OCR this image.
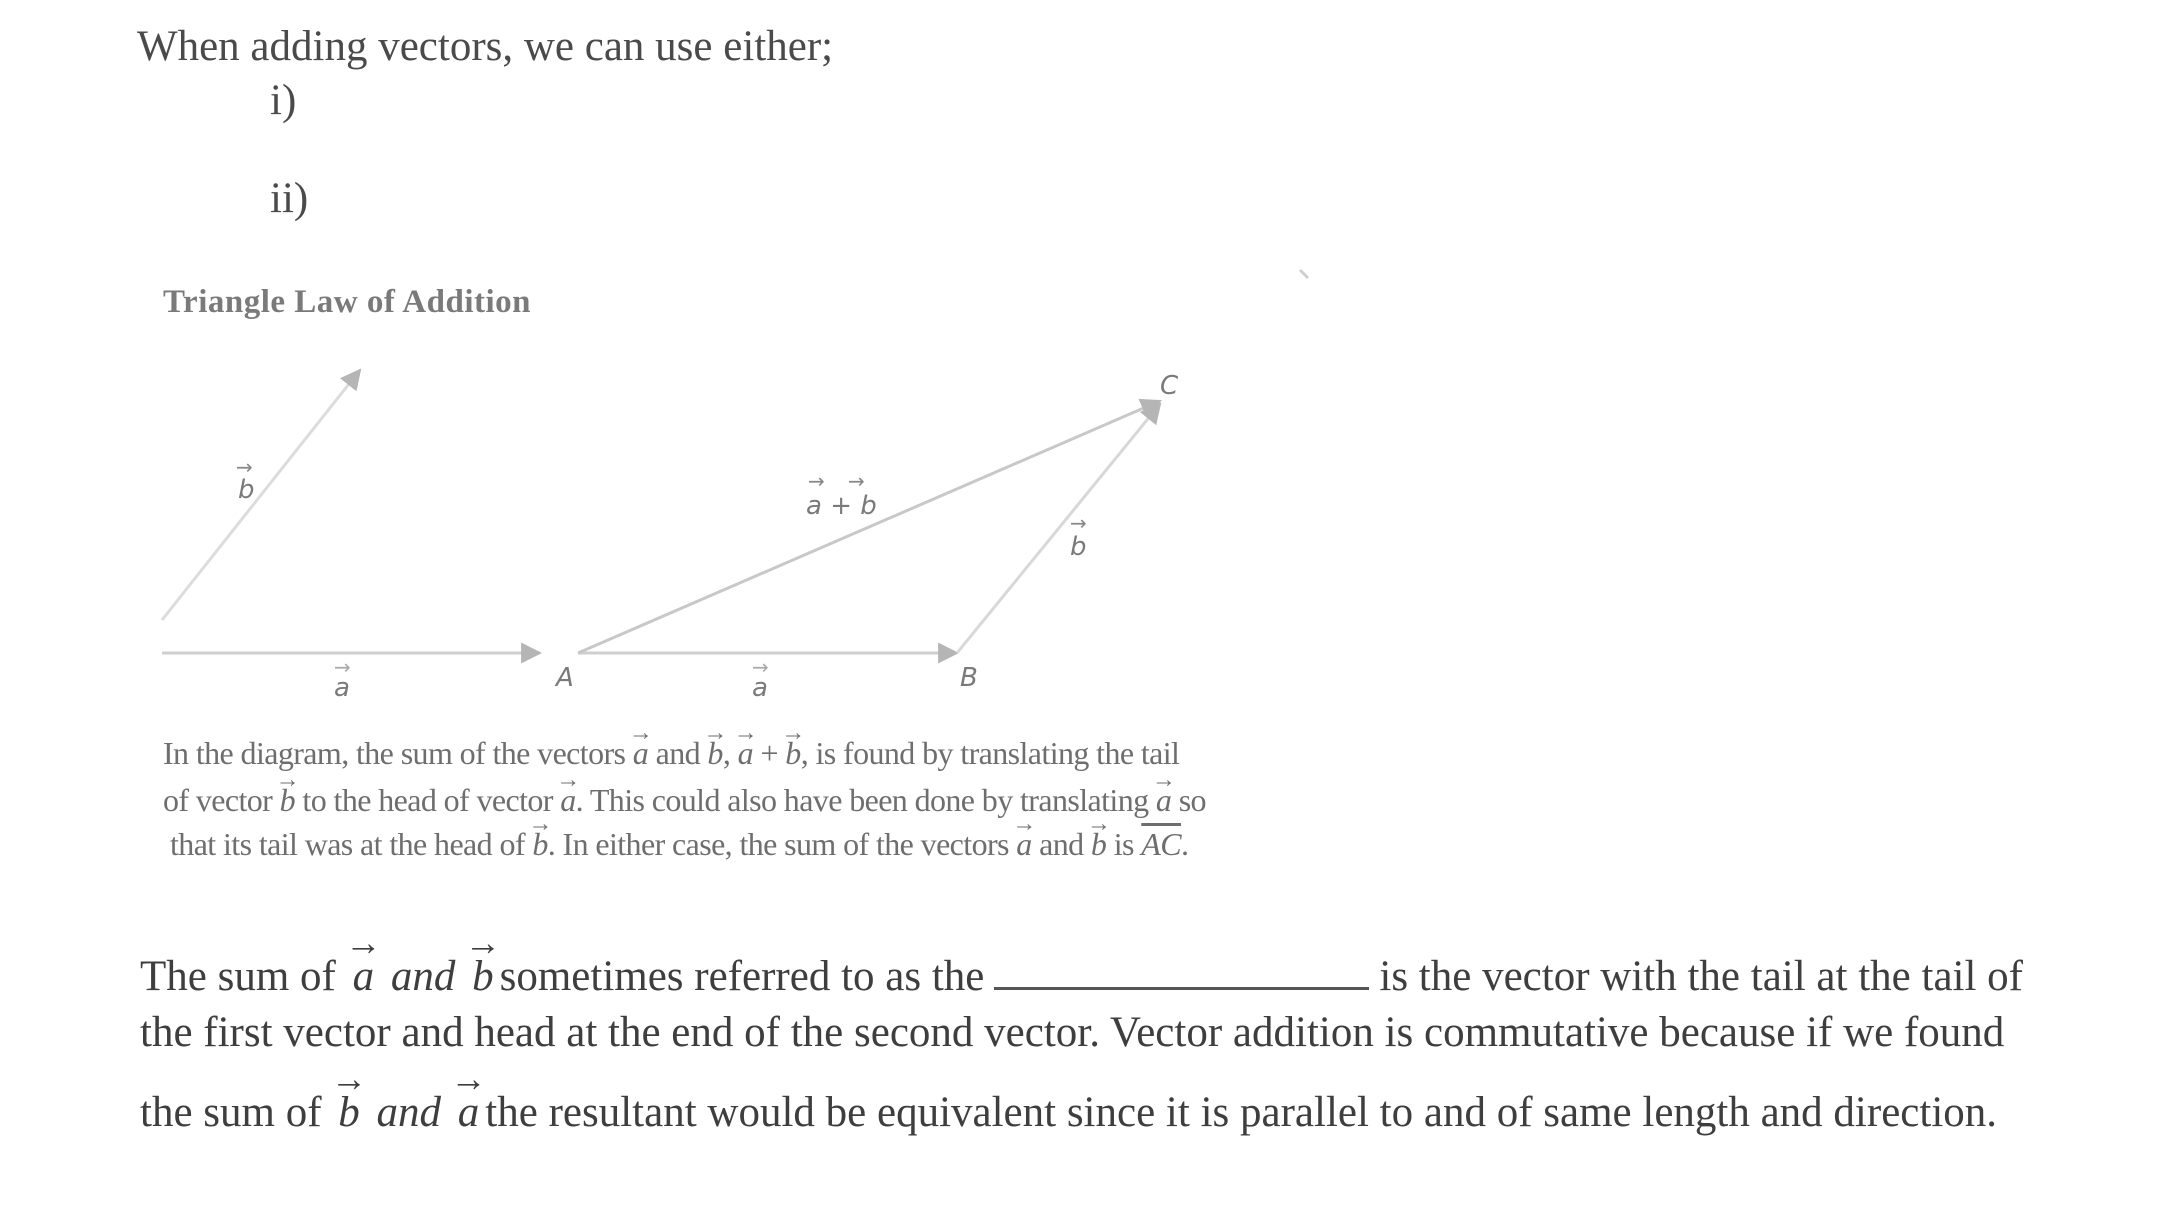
When adding vectors, we can use either;
i)
ii)
Triangle Law of Addition
b
→
a
→
a + b
→ →
b
→
a
→
A	B
C
In the diagram, the sum of the vectors → a and → b, → a + → b, is found by translating the tail
of vector → b to the head of vector → a. This could also have been done by translating → a so
that its tail was at the head of → b. In either case, the sum of the vectors → a and → b is $\overline{AC}$.
The sum of → a and → b sometimes referred to as the	is the vector with the tail at the tail of
the first vector and head at the end of the second vector. Vector addition is commutative because if we found
the sum of → b and → a the resultant would be equivalent since it is parallel to and of same length and direction.
